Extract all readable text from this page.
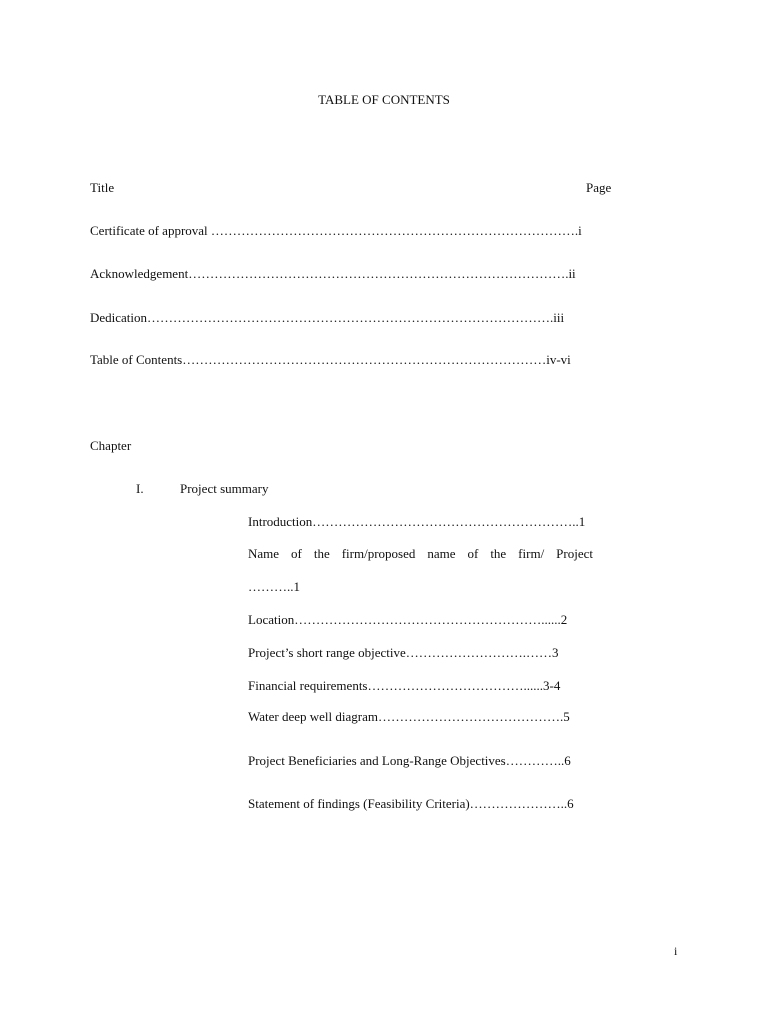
TABLE OF CONTENTS
Title	Page
Certificate of approval ………………………………………………………………………….i
Acknowledgement…………………………………………………………………………….ii
Dedication………………………………………………………………………………….iii
Table of Contents…………………………………………………………………………iv-vi
Chapter
I.	Project summary
Introduction……………………………………………………..1
Name of the firm/proposed name of the firm/ Project
………..1
Location…………………………………………………......2
Project’s short range objective……………………….……3
Financial requirements………………………………......3-4
Water deep well diagram…………………………………….5
Project Beneficiaries and Long-Range Objectives…………..6
Statement of findings (Feasibility Criteria)…………………..6
i
